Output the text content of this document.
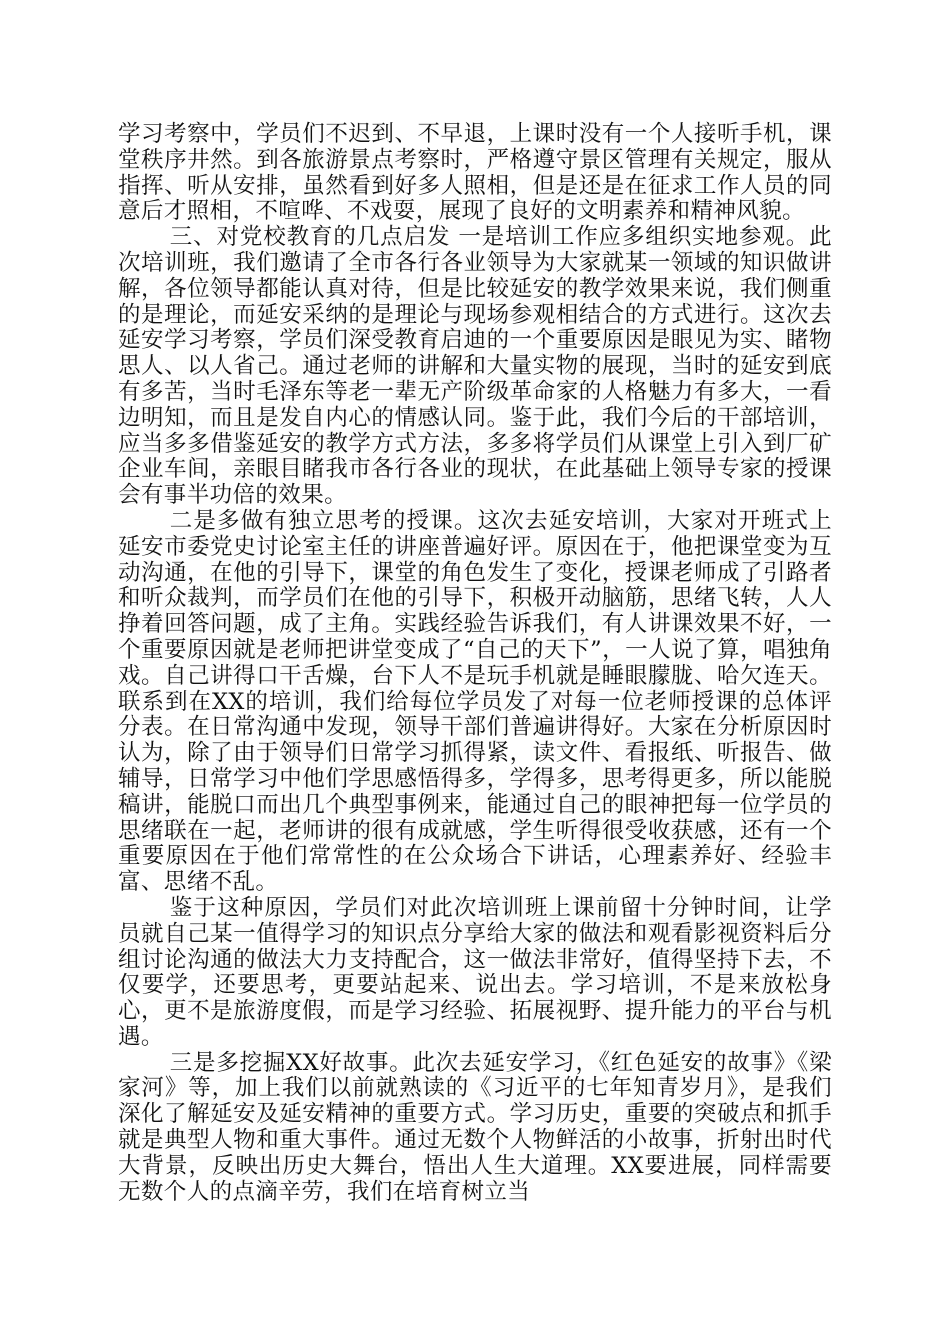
学习考察中，学员们不迟到、不早退，上课时没有一个人接听手机，课堂秩序井然。到各旅游景点考察时，严格遵守景区管理有关规定，服从指挥、听从安排，虽然看到好多人照相，但是还是在征求工作人员的同意后才照相，不喧哗、不戏耍，展现了良好的文明素养和精神风貌。

三、对党校教育的几点启发 一是培训工作应多组织实地参观。此次培训班，我们邀请了全市各行各业领导为大家就某一领域的知识做讲解，各位领导都能认真对待，但是比较延安的教学效果来说，我们侧重的是理论，而延安采纳的是理论与现场参观相结合的方式进行。这次去延安学习考察，学员们深受教育启迪的一个重要原因是眼见为实、睹物思人、以人省己。通过老师的讲解和大量实物的展现，当时的延安到底有多苦，当时毛泽东等老一辈无产阶级革命家的人格魅力有多大，一看边明知，而且是发自内心的情感认同。鉴于此，我们今后的干部培训，应当多多借鉴延安的教学方式方法，多多将学员们从课堂上引入到厂矿企业车间，亲眼目睹我市各行各业的现状，在此基础上领导专家的授课会有事半功倍的效果。

二是多做有独立思考的授课。这次去延安培训，大家对开班式上延安市委党史讨论室主任的讲座普遍好评。原因在于，他把课堂变为互动沟通，在他的引导下，课堂的角色发生了变化，授课老师成了引路者和听众裁判，而学员们在他的引导下，积极开动脑筋，思绪飞转，人人挣着回答问题，成了主角。实践经验告诉我们，有人讲课效果不好，一个重要原因就是老师把讲堂变成了“自己的天下”，一人说了算，唱独角戏。自己讲得口干舌燥，台下人不是玩手机就是睡眼朦胧、哈欠连天。联系到在XX的培训，我们给每位学员发了对每一位老师授课的总体评分表。在日常沟通中发现，领导干部们普遍讲得好。大家在分析原因时认为，除了由于领导们日常学习抓得紧，读文件、看报纸、听报告、做辅导，日常学习中他们学思感悟得多，学得多，思考得更多，所以能脱稿讲，能脱口而出几个典型事例来，能通过自己的眼神把每一位学员的思绪联在一起，老师讲的很有成就感，学生听得很受收获感，还有一个重要原因在于他们常常性的在公众场合下讲话，心理素养好、经验丰富、思绪不乱。

鉴于这种原因，学员们对此次培训班上课前留十分钟时间，让学员就自己某一值得学习的知识点分享给大家的做法和观看影视资料后分组讨论沟通的做法大力支持配合，这一做法非常好，值得坚持下去，不仅要学，还要思考，更要站起来、说出去。学习培训，不是来放松身心，更不是旅游度假，而是学习经验、拓展视野、提升能力的平台与机遇。

三是多挖掘XX好故事。此次去延安学习，《红色延安的故事》《梁家河》等，加上我们以前就熟读的《习近平的七年知青岁月》，是我们深化了解延安及延安精神的重要方式。学习历史，重要的突破点和抓手就是典型人物和重大事件。通过无数个人物鲜活的小故事，折射出时代大背景，反映出历史大舞台，悟出人生大道理。XX要进展，同样需要无数个人的点滴辛劳，我们在培育树立当
